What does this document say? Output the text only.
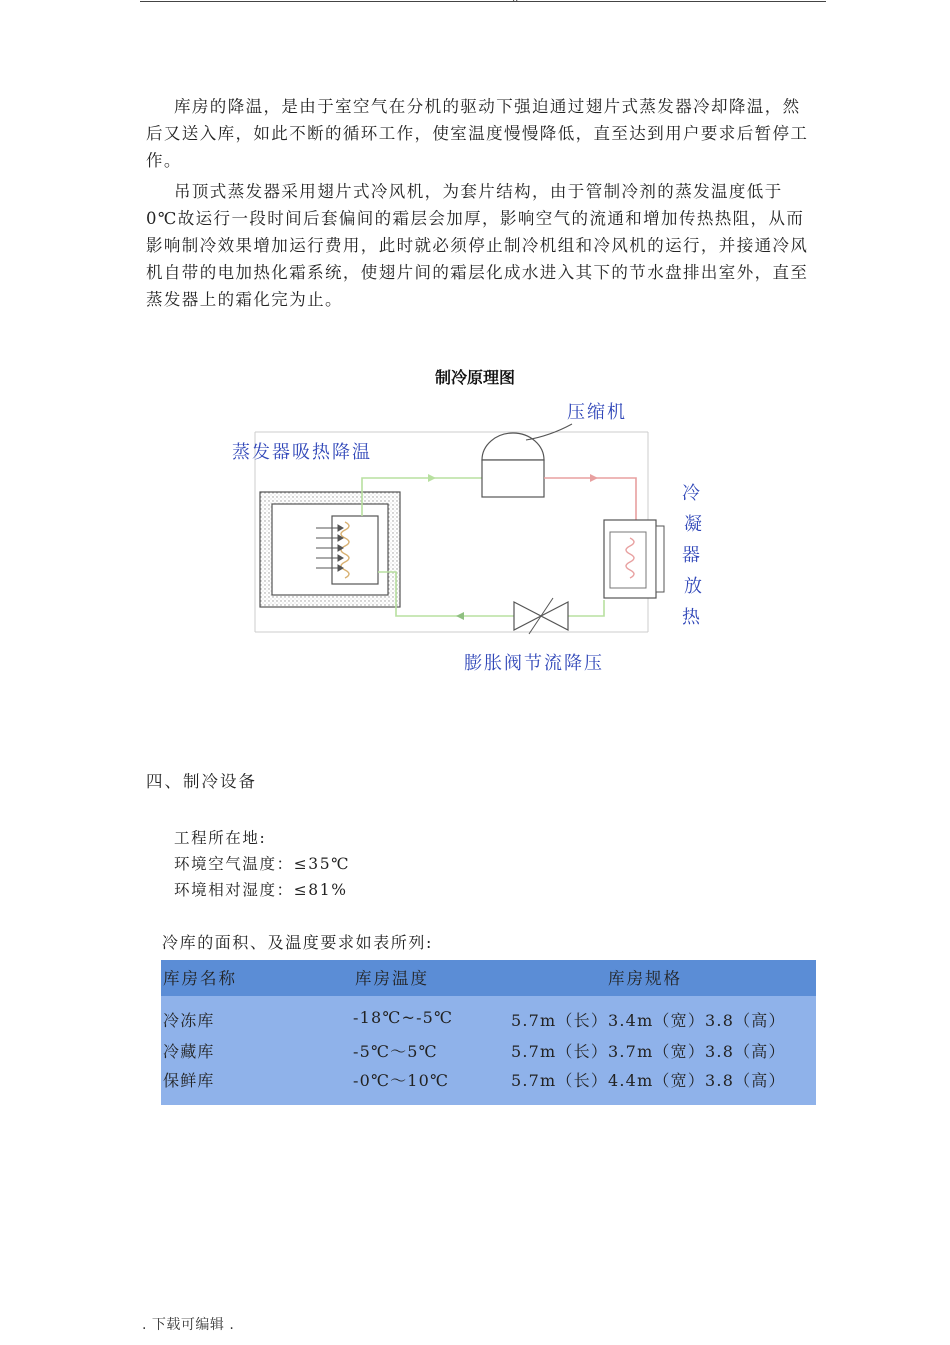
库房的降温，是由于室空气在分机的驱动下强迫通过翅片式蒸发器冷却降温，然后又送入库，如此不断的循环工作，使室温度慢慢降低，直至达到用户要求后暂停工作。

吊顶式蒸发器采用翅片式冷风机，为套片结构，由于管制冷剂的蒸发温度低于 0℃故运行一段时间后套偏间的霜层会加厚，影响空气的流通和增加传热热阻，从而影响制冷效果增加运行费用，此时就必须停止制冷机组和冷风机的运行，并接通冷风机自带的电加热化霜系统，使翅片间的霜层化成水进入其下的节水盘排出室外，直至蒸发器上的霜化完为止。

制冷原理图
压缩机
蒸发器吸热降温
冷
凝
器
放
热
膨胀阀节流降压
四、制冷设备
工程所在地:
环境空气温度：≤35℃
环境相对湿度：≤81%
冷库的面积、及温度要求如表所列:
库房名称	库房温度	库房规格
冷冻库	-18℃~-5℃	5.7m（长）3.4m（宽）3.8（高）
冷藏库	-5℃～5℃	5.7m（长）3.7m（宽）3.8（高）
保鲜库	-0℃～10℃	5.7m（长）4.4m（宽）3.8（高）
. 下载可编辑 .
